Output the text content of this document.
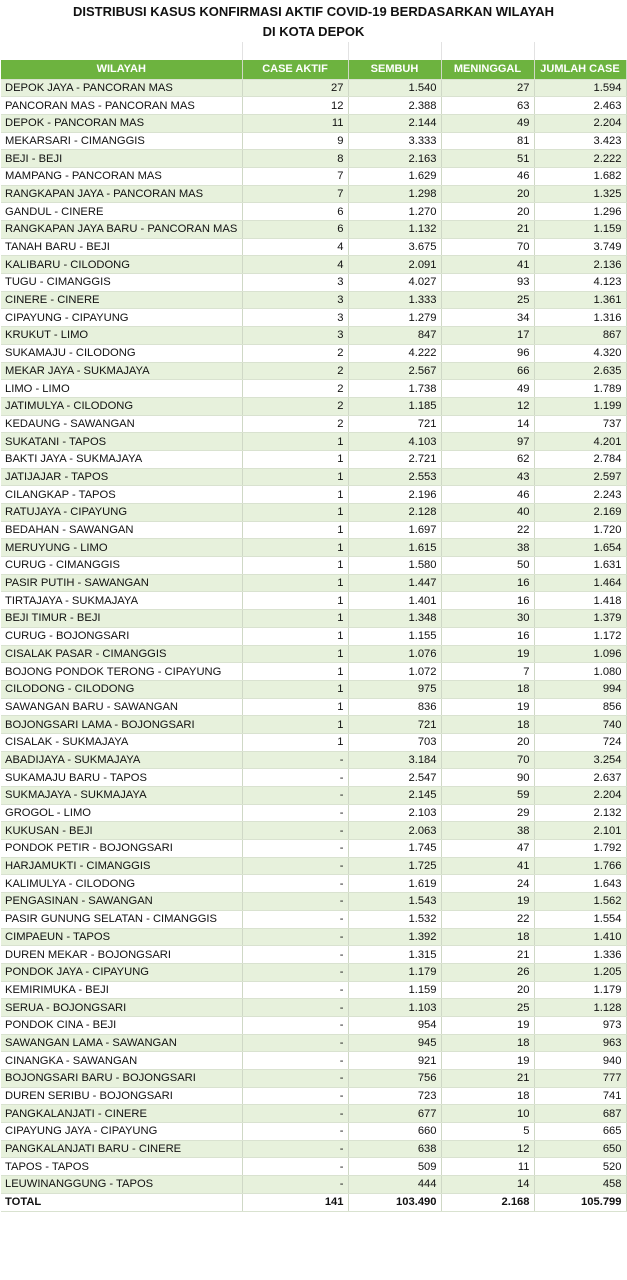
DISTRIBUSI KASUS KONFIRMASI AKTIF COVID-19 BERDASARKAN WILAYAH
DI KOTA DEPOK
WILAYAH	CASE AKTIF	SEMBUH	MENINGGAL	JUMLAH CASE
DEPOK JAYA - PANCORAN MAS	27	1.540	27	1.594
PANCORAN MAS - PANCORAN MAS	12	2.388	63	2.463
DEPOK - PANCORAN MAS	11	2.144	49	2.204
MEKARSARI - CIMANGGIS	9	3.333	81	3.423
BEJI - BEJI	8	2.163	51	2.222
MAMPANG - PANCORAN MAS	7	1.629	46	1.682
RANGKAPAN JAYA - PANCORAN MAS	7	1.298	20	1.325
GANDUL - CINERE	6	1.270	20	1.296
RANGKAPAN JAYA BARU - PANCORAN MAS	6	1.132	21	1.159
TANAH BARU - BEJI	4	3.675	70	3.749
KALIBARU - CILODONG	4	2.091	41	2.136
TUGU - CIMANGGIS	3	4.027	93	4.123
CINERE - CINERE	3	1.333	25	1.361
CIPAYUNG - CIPAYUNG	3	1.279	34	1.316
KRUKUT - LIMO	3	847	17	867
SUKAMAJU - CILODONG	2	4.222	96	4.320
MEKAR JAYA - SUKMAJAYA	2	2.567	66	2.635
LIMO - LIMO	2	1.738	49	1.789
JATIMULYA - CILODONG	2	1.185	12	1.199
KEDAUNG - SAWANGAN	2	721	14	737
SUKATANI - TAPOS	1	4.103	97	4.201
BAKTI JAYA - SUKMAJAYA	1	2.721	62	2.784
JATIJAJAR - TAPOS	1	2.553	43	2.597
CILANGKAP - TAPOS	1	2.196	46	2.243
RATUJAYA - CIPAYUNG	1	2.128	40	2.169
BEDAHAN - SAWANGAN	1	1.697	22	1.720
MERUYUNG - LIMO	1	1.615	38	1.654
CURUG - CIMANGGIS	1	1.580	50	1.631
PASIR PUTIH - SAWANGAN	1	1.447	16	1.464
TIRTAJAYA - SUKMAJAYA	1	1.401	16	1.418
BEJI TIMUR - BEJI	1	1.348	30	1.379
CURUG - BOJONGSARI	1	1.155	16	1.172
CISALAK PASAR - CIMANGGIS	1	1.076	19	1.096
BOJONG PONDOK TERONG - CIPAYUNG	1	1.072	7	1.080
CILODONG - CILODONG	1	975	18	994
SAWANGAN BARU - SAWANGAN	1	836	19	856
BOJONGSARI LAMA - BOJONGSARI	1	721	18	740
CISALAK - SUKMAJAYA	1	703	20	724
ABADIJAYA - SUKMAJAYA	-	3.184	70	3.254
SUKAMAJU BARU - TAPOS	-	2.547	90	2.637
SUKMAJAYA - SUKMAJAYA	-	2.145	59	2.204
GROGOL - LIMO	-	2.103	29	2.132
KUKUSAN - BEJI	-	2.063	38	2.101
PONDOK PETIR - BOJONGSARI	-	1.745	47	1.792
HARJAMUKTI - CIMANGGIS	-	1.725	41	1.766
KALIMULYA - CILODONG	-	1.619	24	1.643
PENGASINAN - SAWANGAN	-	1.543	19	1.562
PASIR GUNUNG SELATAN - CIMANGGIS	-	1.532	22	1.554
CIMPAEUN - TAPOS	-	1.392	18	1.410
DUREN MEKAR - BOJONGSARI	-	1.315	21	1.336
PONDOK JAYA - CIPAYUNG	-	1.179	26	1.205
KEMIRIMUKA - BEJI	-	1.159	20	1.179
SERUA - BOJONGSARI	-	1.103	25	1.128
PONDOK CINA - BEJI	-	954	19	973
SAWANGAN LAMA - SAWANGAN	-	945	18	963
CINANGKA - SAWANGAN	-	921	19	940
BOJONGSARI BARU - BOJONGSARI	-	756	21	777
DUREN SERIBU - BOJONGSARI	-	723	18	741
PANGKALANJATI - CINERE	-	677	10	687
CIPAYUNG JAYA - CIPAYUNG	-	660	5	665
PANGKALANJATI BARU - CINERE	-	638	12	650
TAPOS - TAPOS	-	509	11	520
LEUWINANGGUNG - TAPOS	-	444	14	458
TOTAL	141	103.490	2.168	105.799
